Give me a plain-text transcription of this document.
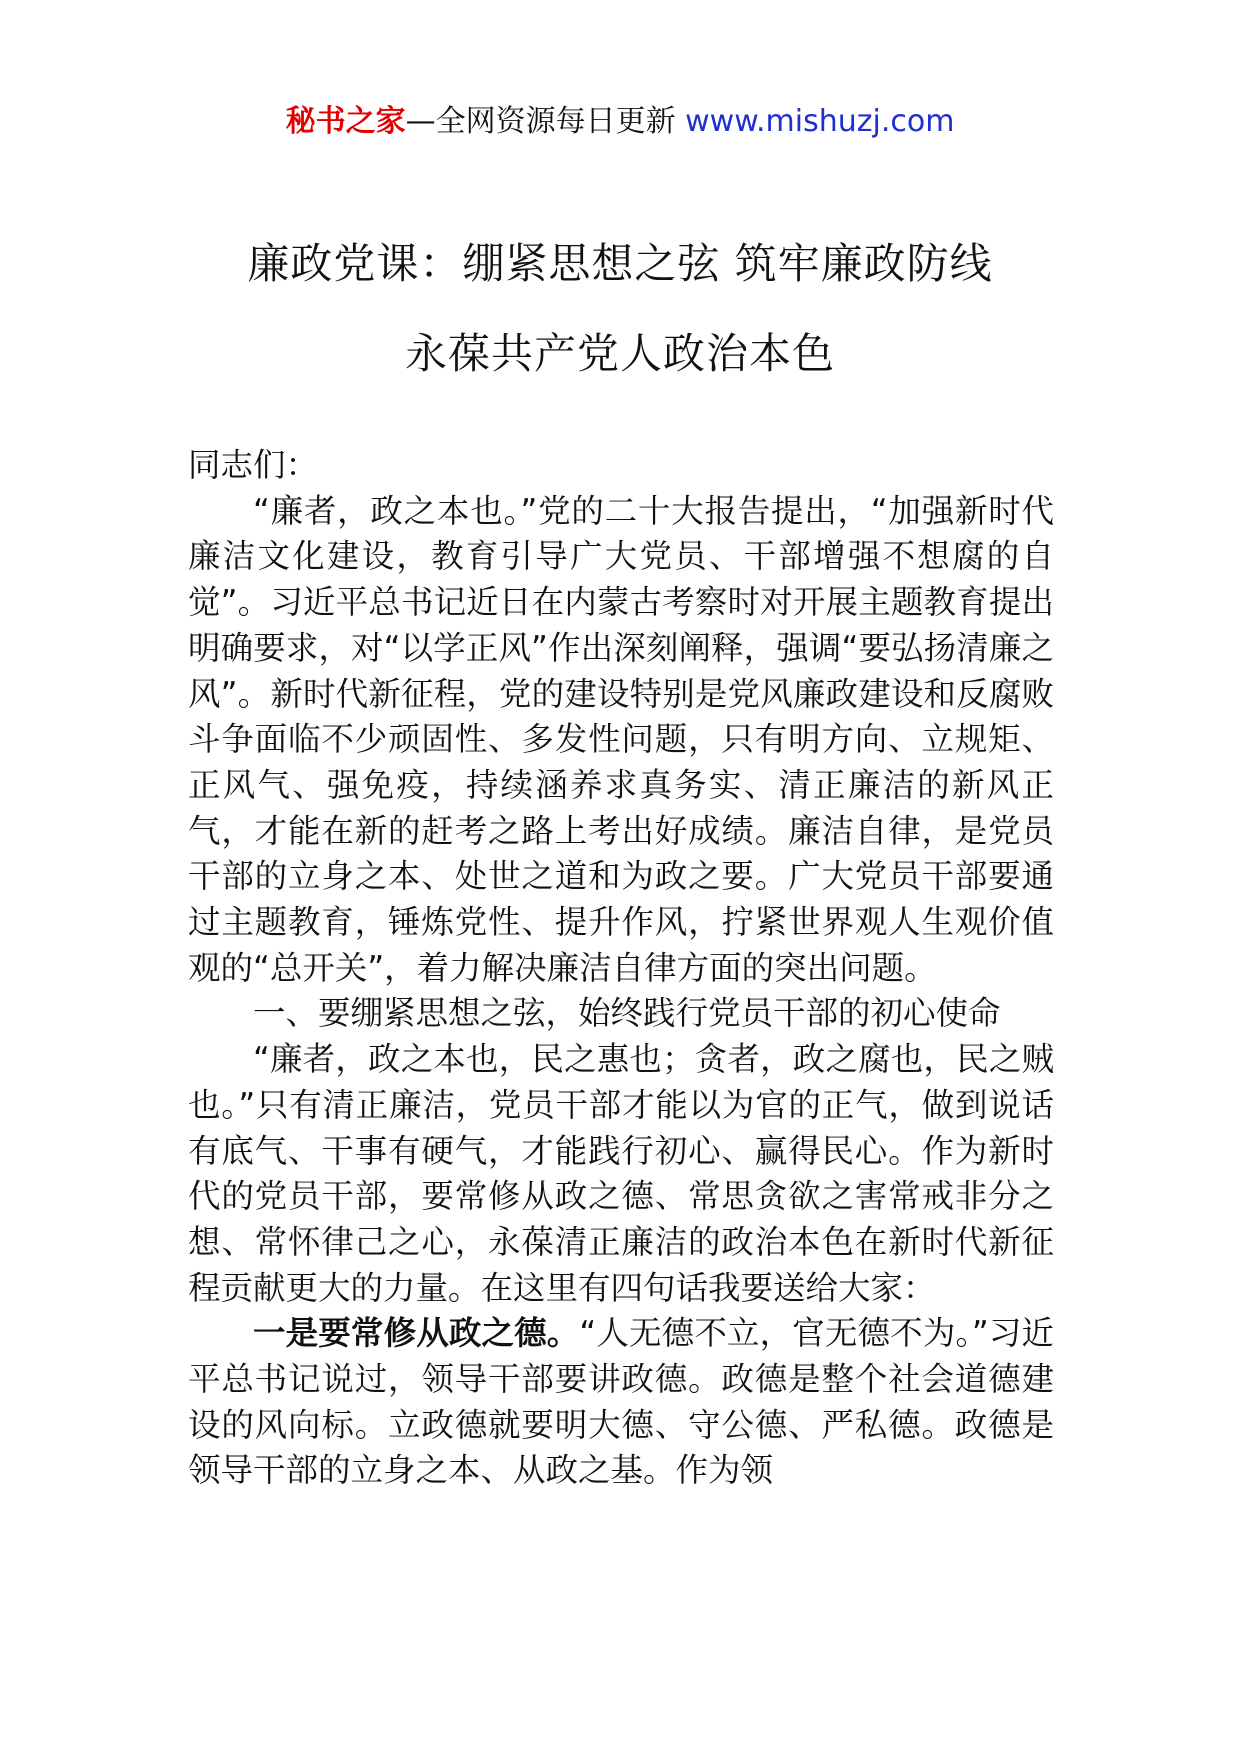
秘书之家—全网资源每日更新 www.mishuzj.com
廉政党课：绷紧思想之弦 筑牢廉政防线
永葆共产党人政治本色

同志们：

“廉者，政之本也。”党的二十大报告提出，“加强新时代廉洁文化建设，教育引导广大党员、干部增强不想腐的自觉”。习近平总书记近日在内蒙古考察时对开展主题教育提出明确要求，对“以学正风”作出深刻阐释，强调“要弘扬清廉之风”。新时代新征程，党的建设特别是党风廉政建设和反腐败斗争面临不少顽固性、多发性问题，只有明方向、立规矩、正风气、强免疫，持续涵养求真务实、清正廉洁的新风正气，才能在新的赶考之路上考出好成绩。廉洁自律，是党员干部的立身之本、处世之道和为政之要。广大党员干部要通过主题教育，锤炼党性、提升作风，拧紧世界观人生观价值观的“总开关”，着力解决廉洁自律方面的突出问题。

一、要绷紧思想之弦，始终践行党员干部的初心使命

“廉者，政之本也，民之惠也；贪者，政之腐也，民之贼也。”只有清正廉洁，党员干部才能以为官的正气，做到说话有底气、干事有硬气，才能践行初心、赢得民心。作为新时代的党员干部，要常修从政之德、常思贪欲之害常戒非分之想、常怀律己之心，永葆清正廉洁的政治本色在新时代新征程贡献更大的力量。在这里有四句话我要送给大家：

一是要常修从政之德。“人无德不立，官无德不为。”习近平总书记说过，领导干部要讲政德。政德是整个社会道德建设的风向标。立政德就要明大德、守公德、严私德。政德是领导干部的立身之本、从政之基。作为领
